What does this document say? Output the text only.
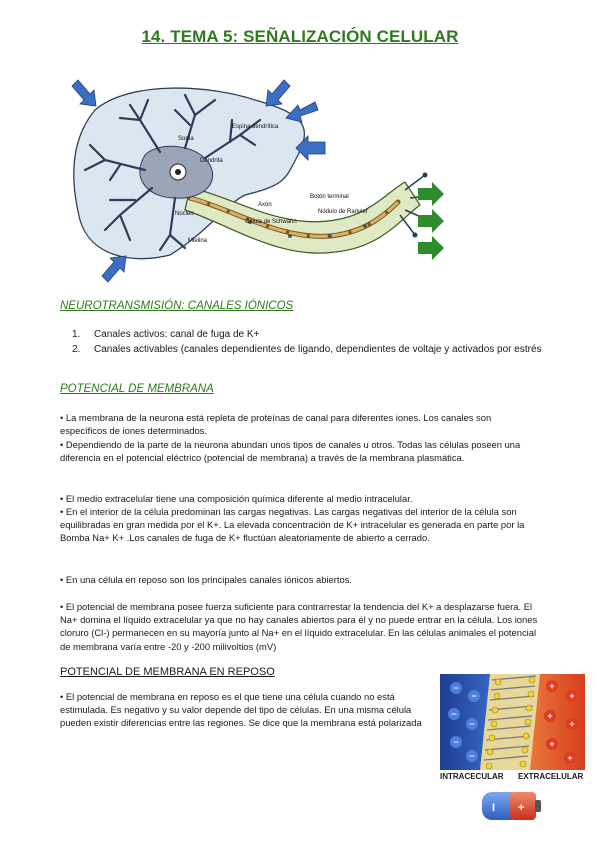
14. TEMA 5: SEÑALIZACIÓN CELULAR
Soma
Espina dendrítica
Dendrita
Núcleo
Axón
Célula de Schwann
Mielina
Botón terminal
Nódulo de Ranvier
NEUROTRANSMISIÓN: CANALES IÓNICOS
1. Canales activos: canal de fuga de K+
2. Canales activables (canales dependientes de ligando, dependientes de voltaje y activados por estrés
POTENCIAL DE MEMBRANA

• La membrana de la neurona está repleta de proteínas de canal para diferentes iones. Los canales son específicos de iones determinados.

• Dependiendo de la parte de la neurona abundan unos tipos de canales u otros. Todas las células poseen una diferencia en el potencial eléctrico (potencial de membrana) a través de la membrana plasmática.

• El medio extracelular tiene una composición química diferente al medio intracelular.

• En el interior de la célula predominan las cargas negativas. Las cargas negativas del interior de la célula son equilibradas en gran medida por el K+. La elevada concentración de K+ intracelular es generada en parte por la Bomba Na+ K+ .Los canales de fuga de K+ fluctúan aleatoriamente de abierto a cerrado.

• En una célula en reposo son los principales canales iónicos abiertos.

• El potencial de membrana posee fuerza suficiente para contrarrestar la tendencia del K+ a desplazarse fuera. El Na+ domina el líquido extracelular ya que no hay canales abiertos para él y no puede entrar en la célula. Los iones cloruro (Cl-) permanecen en su mayoría junto al Na+ en el líquido extracelular. En las células animales el potencial de membrana varía entre -20 y -200 milivoltios (mV)

POTENCIAL DE MEMBRANA EN REPOSO

• El potencial de membrana en reposo es el que tiene una célula cuando no está estimulada. Es negativo y su valor depende del tipo de células. En una misma célula pueden existir diferencias entre las regiones. Se dice que la membrana está polarizada

−
−
−
−
−
−
+
+
+
+
+
+
INTRACECULAR EXTRACELULAR
I +
